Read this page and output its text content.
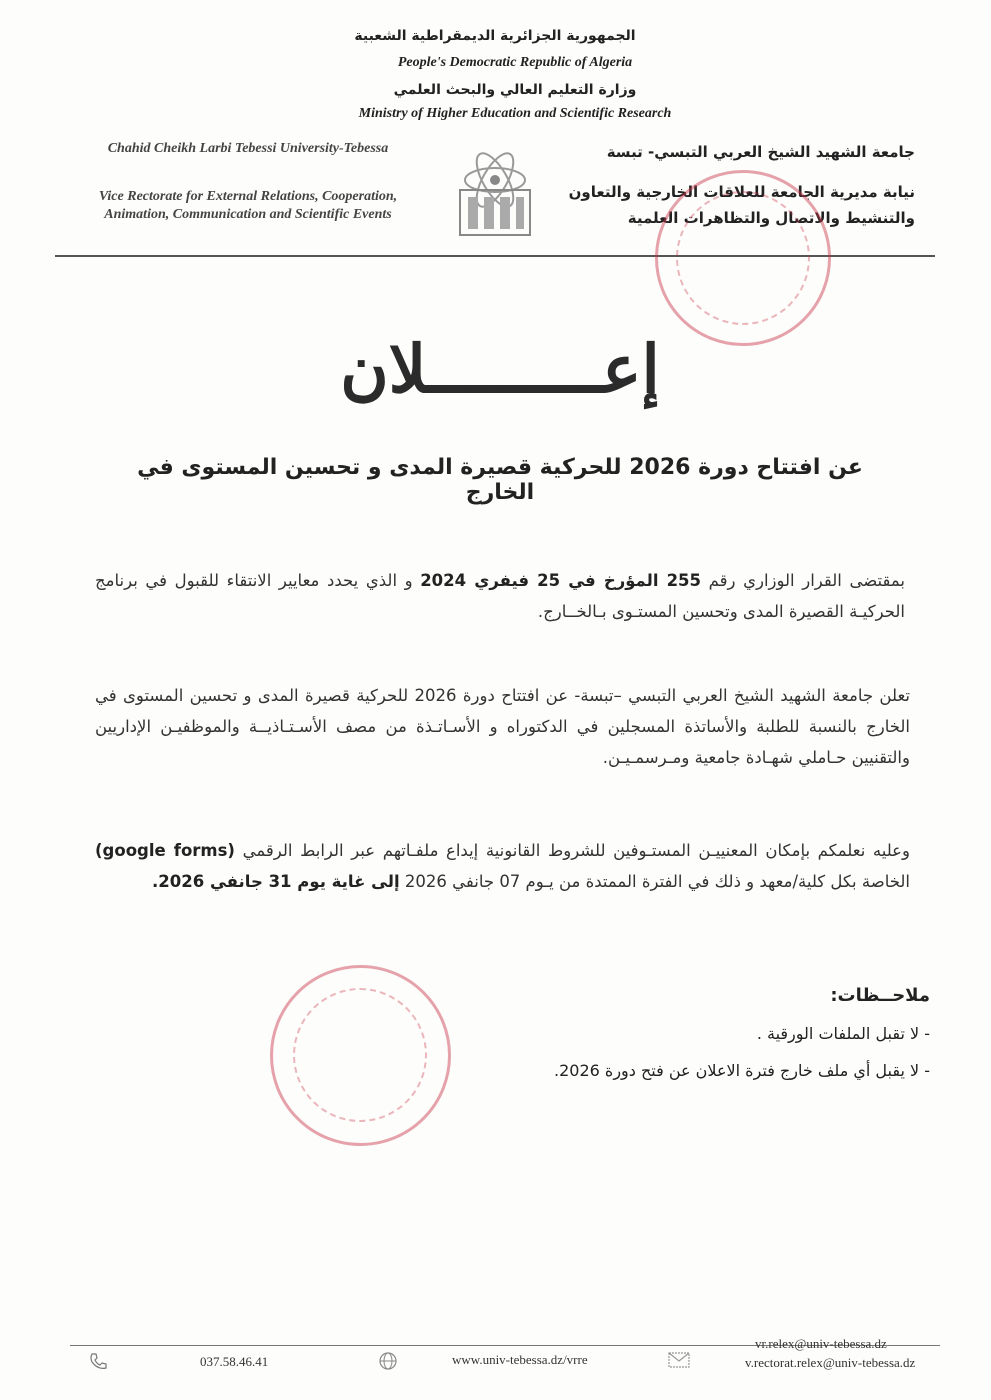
الجمهورية الجزائرية الديمقراطية الشعبية
People's Democratic Republic of Algeria
وزارة التعليم العالي والبحث العلمي
Ministry of Higher Education and Scientific Research
Chahid Cheikh Larbi Tebessi University-Tebessa
Vice Rectorate for External Relations, Cooperation, Animation, Communication and Scientific Events
جامعة الشهيد الشيخ العربي التبسي- تبسة
نيابة مديرية الجامعة للعلاقات الخارجية والتعاون
والتنشيط والاتصال والتظاهرات العلمية
إعـــــــــلان
عن افتتاح دورة 2026 للحركية قصيرة المدى و تحسين المستوى في الخارج
بمقتضى القرار الوزاري رقم 255 المؤرخ في 25 فيفري 2024 و الذي يحدد معايير الانتقاء للقبول في برنامج الحركيـة القصيرة المدى وتحسين المستـوى بـالخــارج.
تعلن جامعة الشهيد الشيخ العربي التبسي –تبسة- عن افتتاح دورة 2026 للحركية قصيرة المدى و تحسين المستوى في الخارج بالنسبة للطلبة والأساتذة المسجلين في الدكتوراه و الأسـاتـذة من مصف الأسـتـاذيــة والموظفيـن الإداريين والتقنيين حـاملي شهـادة جامعية ومـرسمـيـن.
وعليه نعلمكم بإمكان المعنييـن المستـوفين للشروط القانونية إيداع ملفـاتهم عبر الرابط الرقمي (google forms) الخاصة بكل كلية/معهد و ذلك في الفترة الممتدة من يـوم 07 جانفي 2026 إلى غاية يوم 31 جانفي 2026.
ملاحــظات:
- لا تقبل الملفات الورقية .
- لا يقبل أي ملف خارج فترة الاعلان عن فتح دورة 2026.
037.58.46.41	www.univ-tebessa.dz/vrre
vr.relex@univ-tebessa.dz
v.rectorat.relex@univ-tebessa.dz
